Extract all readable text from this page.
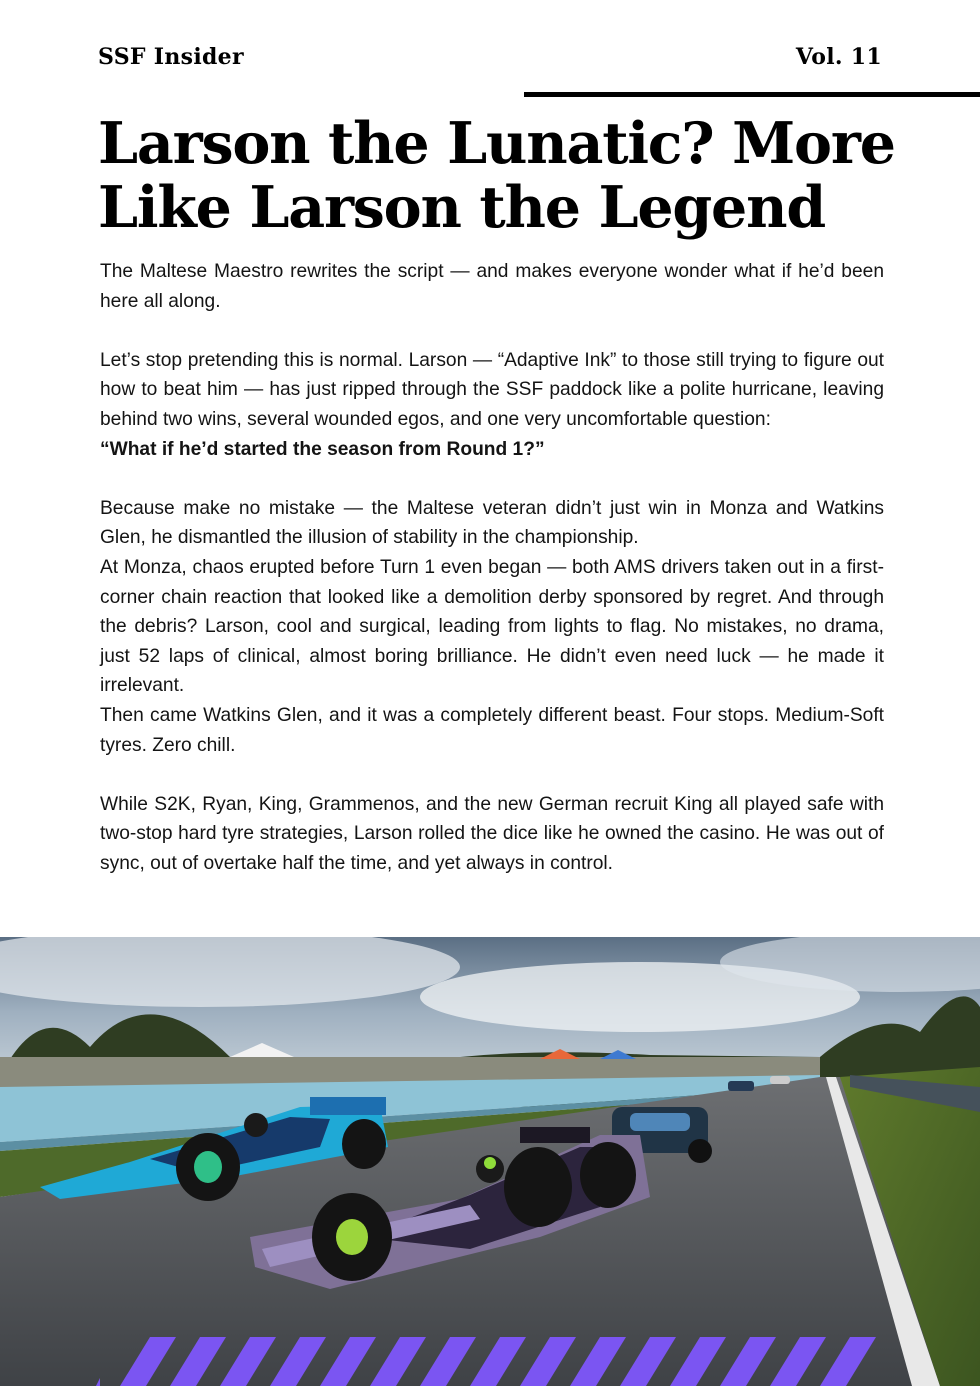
SSF Insider	Vol. 11
Larson the Lunatic? More Like Larson the Legend

The Maltese Maestro rewrites the script — and makes everyone wonder what if he’d been here all along.

Let’s stop pretending this is normal. Larson — “Adaptive Ink” to those still trying to figure out how to beat him — has just ripped through the SSF paddock like a polite hurricane, leaving behind two wins, several wounded egos, and one very uncomfortable question:

“What if he’d started the season from Round 1?”

Because make no mistake — the Maltese veteran didn’t just win in Monza and Watkins Glen, he dismantled the illusion of stability in the championship.

At Monza, chaos erupted before Turn 1 even began — both AMS drivers taken out in a first-corner chain reaction that looked like a demolition derby sponsored by regret. And through the debris? Larson, cool and surgical, leading from lights to flag. No mistakes, no drama, just 52 laps of clinical, almost boring brilliance. He didn’t even need luck — he made it irrelevant.

Then came Watkins Glen, and it was a completely different beast. Four stops. Medium-Soft tyres. Zero chill.

While S2K, Ryan, King, Grammenos, and the new German recruit King all played safe with two-stop hard tyre strategies, Larson rolled the dice like he owned the casino. He was out of sync, out of overtake half the time, and yet always in control.
